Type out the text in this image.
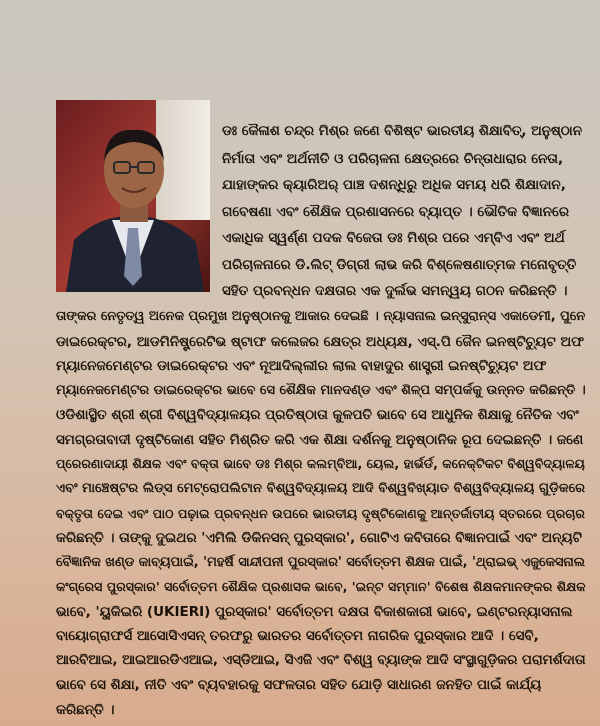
ଡଃ କୈଳାଶ ଚନ୍ଦ୍ର ମିଶ୍ର ଜଣେ ବିଶିଷ୍ଟ ଭାରତୀୟ ଶିକ୍ଷାବିତ୍, ଅନୁଷ୍ଠାନ
ନିର୍ମାତା ଏବଂ ଅର୍ଥନୀତି ଓ ପରିଚାଳନା କ୍ଷେତ୍ରରେ ଚିନ୍ତାଧାରାର ନେତା,
ଯାହାଙ୍କର କ୍ୟାରିଅର୍ ପାଞ୍ଚ ଦଶନ୍ଧିରୁ ଅଧିକ ସମୟ ଧରି ଶିକ୍ଷାଦାନ,
ଗବେଷଣା ଏବଂ ଶୈକ୍ଷିକ ପ୍ରଶାସନରେ ବ୍ୟାପ୍ତ । ଭୌତିକ ବିଜ୍ଞାନରେ
ଏକାଧିକ ସ୍ୱର୍ଣ୍ଣ ପଦକ ବିଜେତା ଡଃ ମିଶ୍ର ପରେ ଏମ୍‌ବିଏ ଏବଂ ଅର୍ଥ
ପରିଚାଳନାରେ ଡି.ଲିଟ୍ ଡିଗ୍ରୀ ଲାଭ କରି ବିଶ୍ଳେଷଣାତ୍ମକ ମନୋବୃତ୍ତି
ସହିତ ପ୍ରବନ୍ଧନ ଦକ୍ଷତାର ଏକ ଦୁର୍ଲଭ ସମନ୍ୱୟ ଗଠନ କରିଛନ୍ତି ।
ତାଙ୍କର ନେତୃତ୍ୱ ଅନେକ ପ୍ରମୁଖ ଅନୁଷ୍ଠାନକୁ ଆକାର ଦେଇଛି । ନ୍ୟାସନାଲ ଇନ୍ସୁରାନ୍ସ ଏକାଡେମୀ, ପୁନେ
ଡାଇରେକ୍ଟର, ଆଡମିନିଷ୍ଟ୍ରେଟିଭ ଷ୍ଟାଫ କଲେଜର କ୍ଷେତ୍ର ଅଧ୍ୟକ୍ଷ, ଏସ୍.ପି ଜୈନ ଇନଷ୍ଟିଚ୍ୟୁଟ ଅଫ
ମ୍ୟାନେଜମେଣ୍ଟର ଡାଇରେକ୍ଟର ଏବଂ ନୂଆଦିଲ୍ଲୀର ଲାଲ ବାହାଦୁର ଶାସ୍ତ୍ରୀ ଇନଷ୍ଟିଚ୍ୟୁଟ ଅଫ
ମ୍ୟାନେଜମେଣ୍ଟର ଡାଇରେକ୍ଟର ଭାବେ ସେ ଶୈକ୍ଷିକ ମାନଦଣ୍ଡ ଏବଂ ଶିଳ୍ପ ସମ୍ପର୍କକୁ ଉନ୍ନତ କରିଛନ୍ତି ।
ଓଡିଶାସ୍ଥିତ ଶ୍ରୀ ଶ୍ରୀ ବିଶ୍ୱବିଦ୍ୟାଳୟର ପ୍ରତିଷ୍ଠାତା କୁଳପତି ଭାବେ ସେ ଆଧୁନିକ ଶିକ୍ଷାକୁ ନୈତିକ ଏବଂ
ସମଗ୍ରତାବାଦୀ ଦୃଷ୍ଟିକୋଣ ସହିତ ମିଶ୍ରିତ କରି ଏକ ଶିକ୍ଷା ଦର୍ଶନକୁ ଅନୁଷ୍ଠାନିକ ରୂପ ଦେଇଛନ୍ତି । ଜଣେ
ପ୍ରେରଣାଦାୟୀ ଶିକ୍ଷକ ଏବଂ ବକ୍ତା ଭାବେ ଡଃ ମିଶ୍ର କଲମ୍ବିଆ, ୟେଲ, ହାର୍ଭର୍ଡ, କନେକ୍ଟିକଟ ବିଶ୍ୱବିଦ୍ୟାଳୟ
ଏବଂ ମାଞ୍ଚେଷ୍ଟର ଲିଡ୍ସ ମେଟ୍ରୋପଲିଟାନ ବିଶ୍ୱବିଦ୍ୟାଳୟ ଆଦି ବିଶ୍ୱବିଖ୍ୟାତ ବିଶ୍ୱବିଦ୍ୟାଳୟ ଗୁଡ଼ିକରେ
ବକ୍ତୃତା ଦେଇ ଏବଂ ପାଠ ପଢ଼ାଇ ପ୍ରବନ୍ଧନ ଉପରେ ଭାରତୀୟ ଦୃଷ୍ଟିକୋଣକୁ ଆନ୍ତର୍ଜାତୀୟ ସ୍ତରରେ ପ୍ରଚାର
କରିଛନ୍ତି । ତାଙ୍କୁ ଦୁଇଥର 'ଏମିଲି ଡିକିନସନ୍ ପୁରସ୍କାର', ଗୋଟିଏ କବିତାରେ ବିଜ୍ଞାନପାଇଁ ଏବଂ ଅନ୍ୟଟି
ବୈଜ୍ଞାନିକ ଖଣ୍ଡ କାବ୍ୟପାଇଁ, 'ମହର୍ଷି ସାନ୍ଦୀପନୀ ପୁରସ୍କାର' ସର୍ବୋତ୍ତମ ଶିକ୍ଷକ ପାଇଁ, 'ଥ୍ରାଇଭ୍ ଏଜୁକେସନାଲ
କଂଗ୍ରେସ ପୁରସ୍କାର' ସର୍ବୋତ୍ତମ ଶୈକ୍ଷିକ ପ୍ରଶାସକ ଭାବେ, 'ଇନ୍‌ଟ ସମ୍ମାନ' ବିଶେଷ ଶିକ୍ଷକମାନଙ୍କର ଶିକ୍ଷକ
ଭାବେ, 'ୟୁକିଇରି (UKIERI) ପୁରସ୍କାର' ସର୍ବୋତ୍ତମ ଦକ୍ଷତା ବିକାଶକାରୀ ଭାବେ, ଇଣ୍ଟରନ୍ୟାସନାଲ
ବାୟୋଗ୍ରାଫର୍ସ ଆସୋସିଏସନ୍ ତରଫରୁ ଭାରତର ସର୍ବୋତ୍ତମ ନାଗରିକ ପୁରସ୍କାର ଆଦି । ସେବି,
ଆରବିଆଇ, ଆଇଆରଡିଏଆଇ, ଏସ୍‌ଡିଆଇ, ସିଏଜି ଏବଂ ବିଶ୍ୱ ବ୍ୟାଙ୍କ ଆଦି ସଂସ୍ଥାଗୁଡ଼ିକର ପରାମର୍ଶଦାତା
ଭାବେ ସେ ଶିକ୍ଷା, ନୀତି ଏବଂ ବ୍ୟବହାରକୁ ସଫଳତାର ସହିତ ଯୋଡ଼ି ସାଧାରଣ ଜନହିତ ପାଇଁ କାର୍ଯ୍ୟ
କରିଛନ୍ତି ।
